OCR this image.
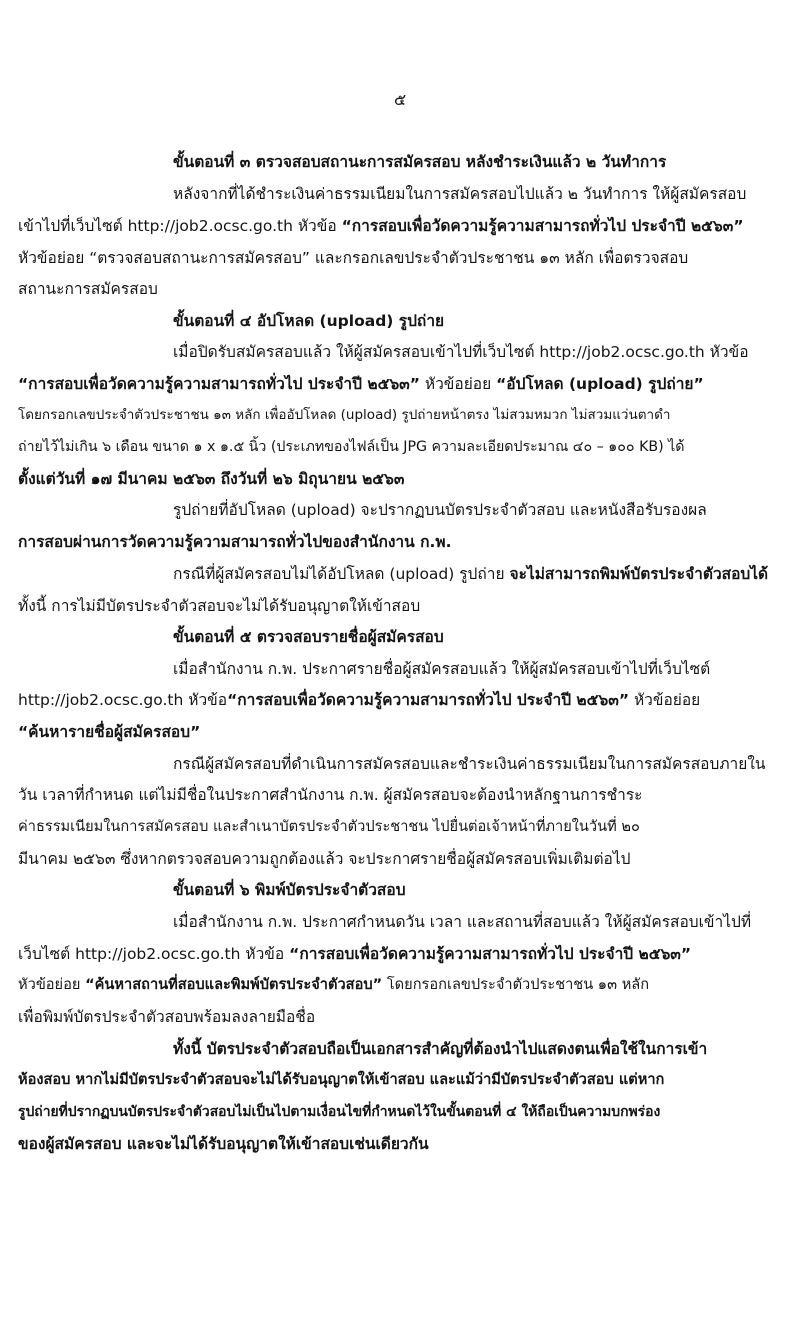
๕
ขั้นตอนที่ ๓ ตรวจสอบสถานะการสมัครสอบ หลังชำระเงินแล้ว ๒ วันทำการ
หลังจากที่ได้ชำระเงินค่าธรรมเนียมในการสมัครสอบไปแล้ว ๒ วันทำการ ให้ผู้สมัครสอบ
เข้าไปที่เว็บไซต์ http://job2.ocsc.go.th หัวข้อ “การสอบเพื่อวัดความรู้ความสามารถทั่วไป ประจำปี ๒๕๖๓”
หัวข้อย่อย “ตรวจสอบสถานะการสมัครสอบ” และกรอกเลขประจำตัวประชาชน ๑๓ หลัก เพื่อตรวจสอบ
สถานะการสมัครสอบ
ขั้นตอนที่ ๔ อัปโหลด (upload) รูปถ่าย
เมื่อปิดรับสมัครสอบแล้ว ให้ผู้สมัครสอบเข้าไปที่เว็บไซต์ http://job2.ocsc.go.th หัวข้อ
“การสอบเพื่อวัดความรู้ความสามารถทั่วไป ประจำปี ๒๕๖๓” หัวข้อย่อย “อัปโหลด (upload) รูปถ่าย”
โดยกรอกเลขประจำตัวประชาชน ๑๓ หลัก เพื่ออัปโหลด (upload) รูปถ่ายหน้าตรง ไม่สวมหมวก ไม่สวมแว่นตาดำ
ถ่ายไว้ไม่เกิน ๖ เดือน ขนาด ๑ x ๑.๕ นิ้ว (ประเภทของไฟล์เป็น JPG ความละเอียดประมาณ ๔๐ – ๑๐๐ KB) ได้
ตั้งแต่วันที่ ๑๗ มีนาคม ๒๕๖๓ ถึงวันที่ ๒๖ มิถุนายน ๒๕๖๓
รูปถ่ายที่อัปโหลด (upload) จะปรากฏบนบัตรประจำตัวสอบ และหนังสือรับรองผล
การสอบผ่านการวัดความรู้ความสามารถทั่วไปของสำนักงาน ก.พ.
กรณีที่ผู้สมัครสอบไม่ได้อัปโหลด (upload) รูปถ่าย จะไม่สามารถพิมพ์บัตรประจำตัวสอบได้
ทั้งนี้ การไม่มีบัตรประจำตัวสอบจะไม่ได้รับอนุญาตให้เข้าสอบ
ขั้นตอนที่ ๕ ตรวจสอบรายชื่อผู้สมัครสอบ
เมื่อสำนักงาน ก.พ. ประกาศรายชื่อผู้สมัครสอบแล้ว ให้ผู้สมัครสอบเข้าไปที่เว็บไซต์
http://job2.ocsc.go.th หัวข้อ“การสอบเพื่อวัดความรู้ความสามารถทั่วไป ประจำปี ๒๕๖๓” หัวข้อย่อย
“ค้นหารายชื่อผู้สมัครสอบ”
กรณีผู้สมัครสอบที่ดำเนินการสมัครสอบและชำระเงินค่าธรรมเนียมในการสมัครสอบภายใน
วัน เวลาที่กำหนด แต่ไม่มีชื่อในประกาศสำนักงาน ก.พ. ผู้สมัครสอบจะต้องนำหลักฐานการชำระ
ค่าธรรมเนียมในการสมัครสอบ และสำเนาบัตรประจำตัวประชาชน ไปยื่นต่อเจ้าหน้าที่ภายในวันที่ ๒๐
มีนาคม ๒๕๖๓ ซึ่งหากตรวจสอบความถูกต้องแล้ว จะประกาศรายชื่อผู้สมัครสอบเพิ่มเติมต่อไป
ขั้นตอนที่ ๖ พิมพ์บัตรประจำตัวสอบ
เมื่อสำนักงาน ก.พ. ประกาศกำหนดวัน เวลา และสถานที่สอบแล้ว ให้ผู้สมัครสอบเข้าไปที่
เว็บไซต์ http://job2.ocsc.go.th หัวข้อ “การสอบเพื่อวัดความรู้ความสามารถทั่วไป ประจำปี ๒๕๖๓”
หัวข้อย่อย “ค้นหาสถานที่สอบและพิมพ์บัตรประจำตัวสอบ” โดยกรอกเลขประจำตัวประชาชน ๑๓ หลัก
เพื่อพิมพ์บัตรประจำตัวสอบพร้อมลงลายมือชื่อ
ทั้งนี้ บัตรประจำตัวสอบถือเป็นเอกสารสำคัญที่ต้องนำไปแสดงตนเพื่อใช้ในการเข้า
ห้องสอบ หากไม่มีบัตรประจำตัวสอบจะไม่ได้รับอนุญาตให้เข้าสอบ และแม้ว่ามีบัตรประจำตัวสอบ แต่หาก
รูปถ่ายที่ปรากฏบนบัตรประจำตัวสอบไม่เป็นไปตามเงื่อนไขที่กำหนดไว้ในขั้นตอนที่ ๔ ให้ถือเป็นความบกพร่อง
ของผู้สมัครสอบ และจะไม่ได้รับอนุญาตให้เข้าสอบเช่นเดียวกัน
